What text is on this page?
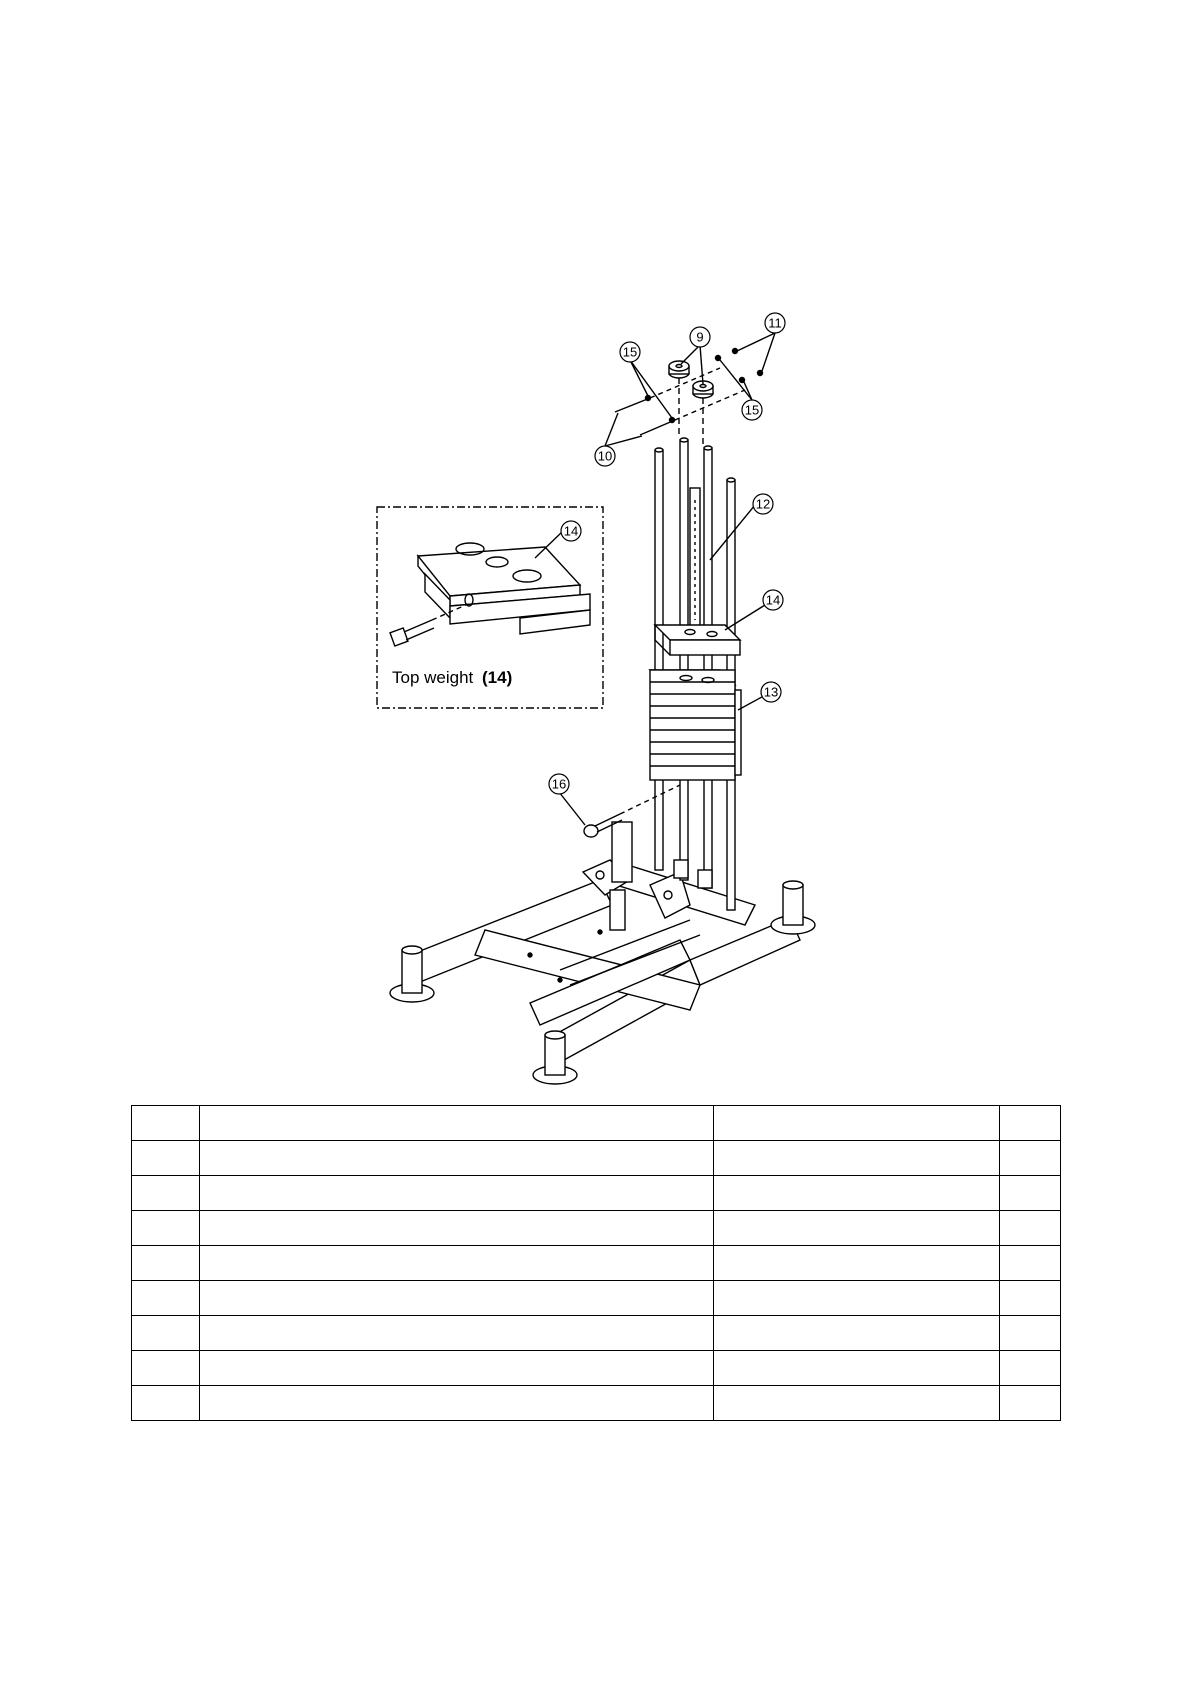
15
9
11
15
10
12
14
14
13
16
Top weight (14)
